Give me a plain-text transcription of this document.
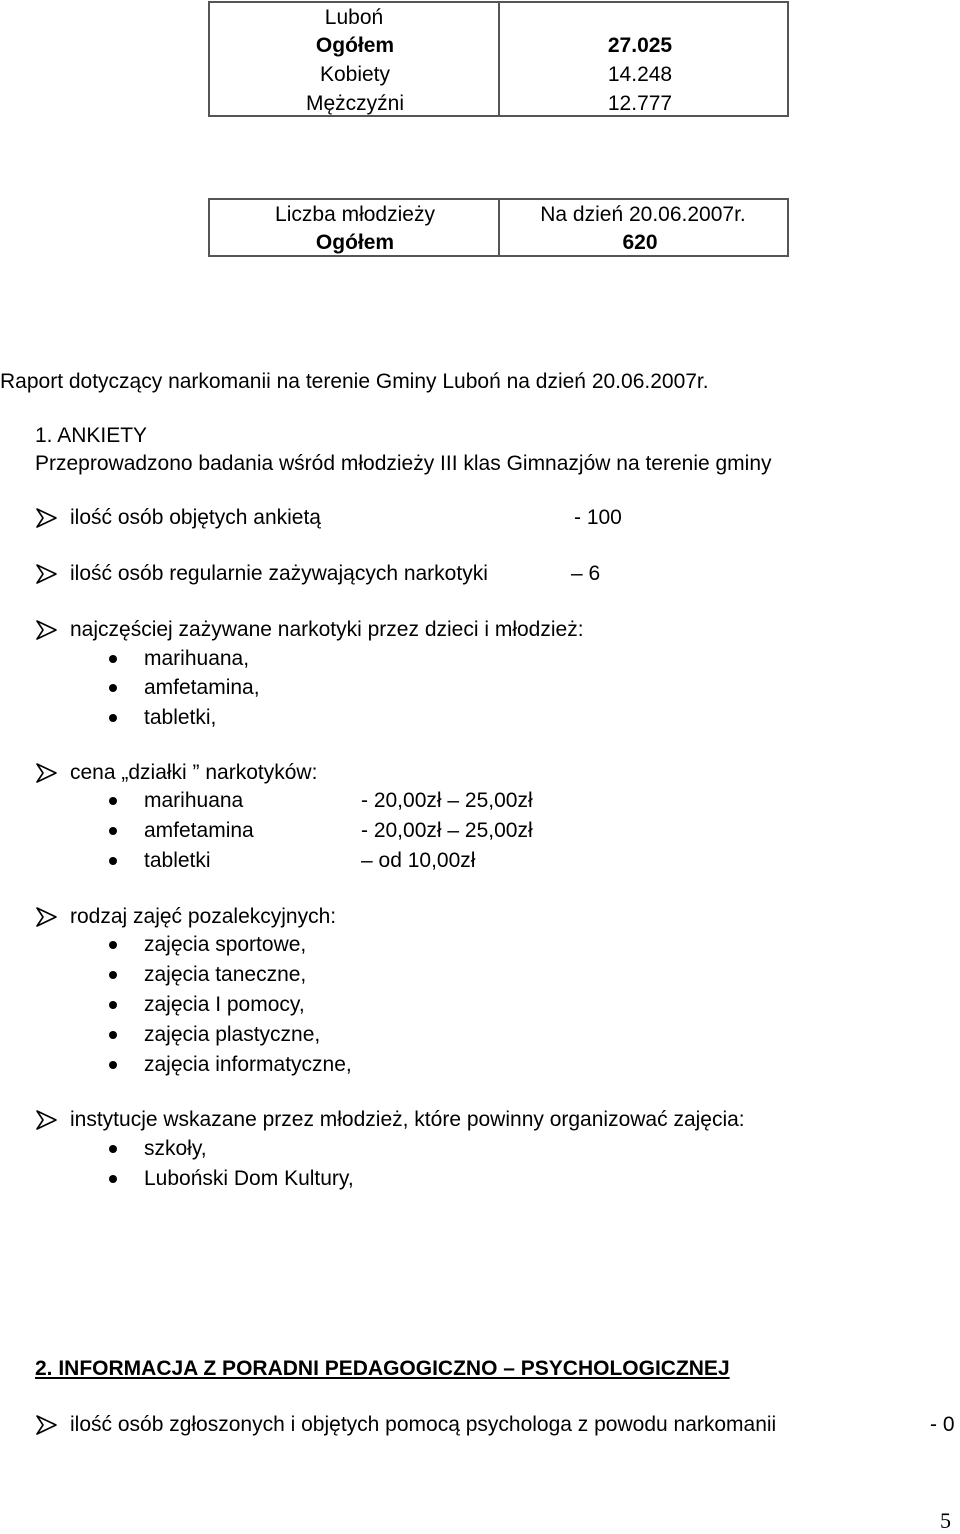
Luboń
Ogółem	27.025
Kobiety	14.248
Mężczyźni	12.777
Liczba młodzieży	Na dzień 20.06.2007r.
Ogółem	620
Raport dotyczący narkomanii na terenie Gminy Luboń na dzień 20.06.2007r.
1. ANKIETY
Przeprowadzono badania wśród młodzieży III klas Gimnazjów na terenie gminy
ilość osób objętych ankietą	- 100
ilość osób regularnie zażywających narkotyki	– 6
najczęściej zażywane narkotyki przez dzieci i młodzież:
marihuana,
amfetamina,
tabletki,
cena „działki ” narkotyków:
marihuana	- 20,00zł – 25,00zł
amfetamina	- 20,00zł – 25,00zł
tabletki	– od 10,00zł
rodzaj zajęć pozalekcyjnych:
zajęcia sportowe,
zajęcia taneczne,
zajęcia I pomocy,
zajęcia plastyczne,
zajęcia informatyczne,
instytucje wskazane przez młodzież, które powinny organizować zajęcia:
szkoły,
Luboński Dom Kultury,
2. INFORMACJA Z PORADNI PEDAGOGICZNO – PSYCHOLOGICZNEJ
ilość osób zgłoszonych i objętych pomocą psychologa z powodu narkomanii	- 0
5
